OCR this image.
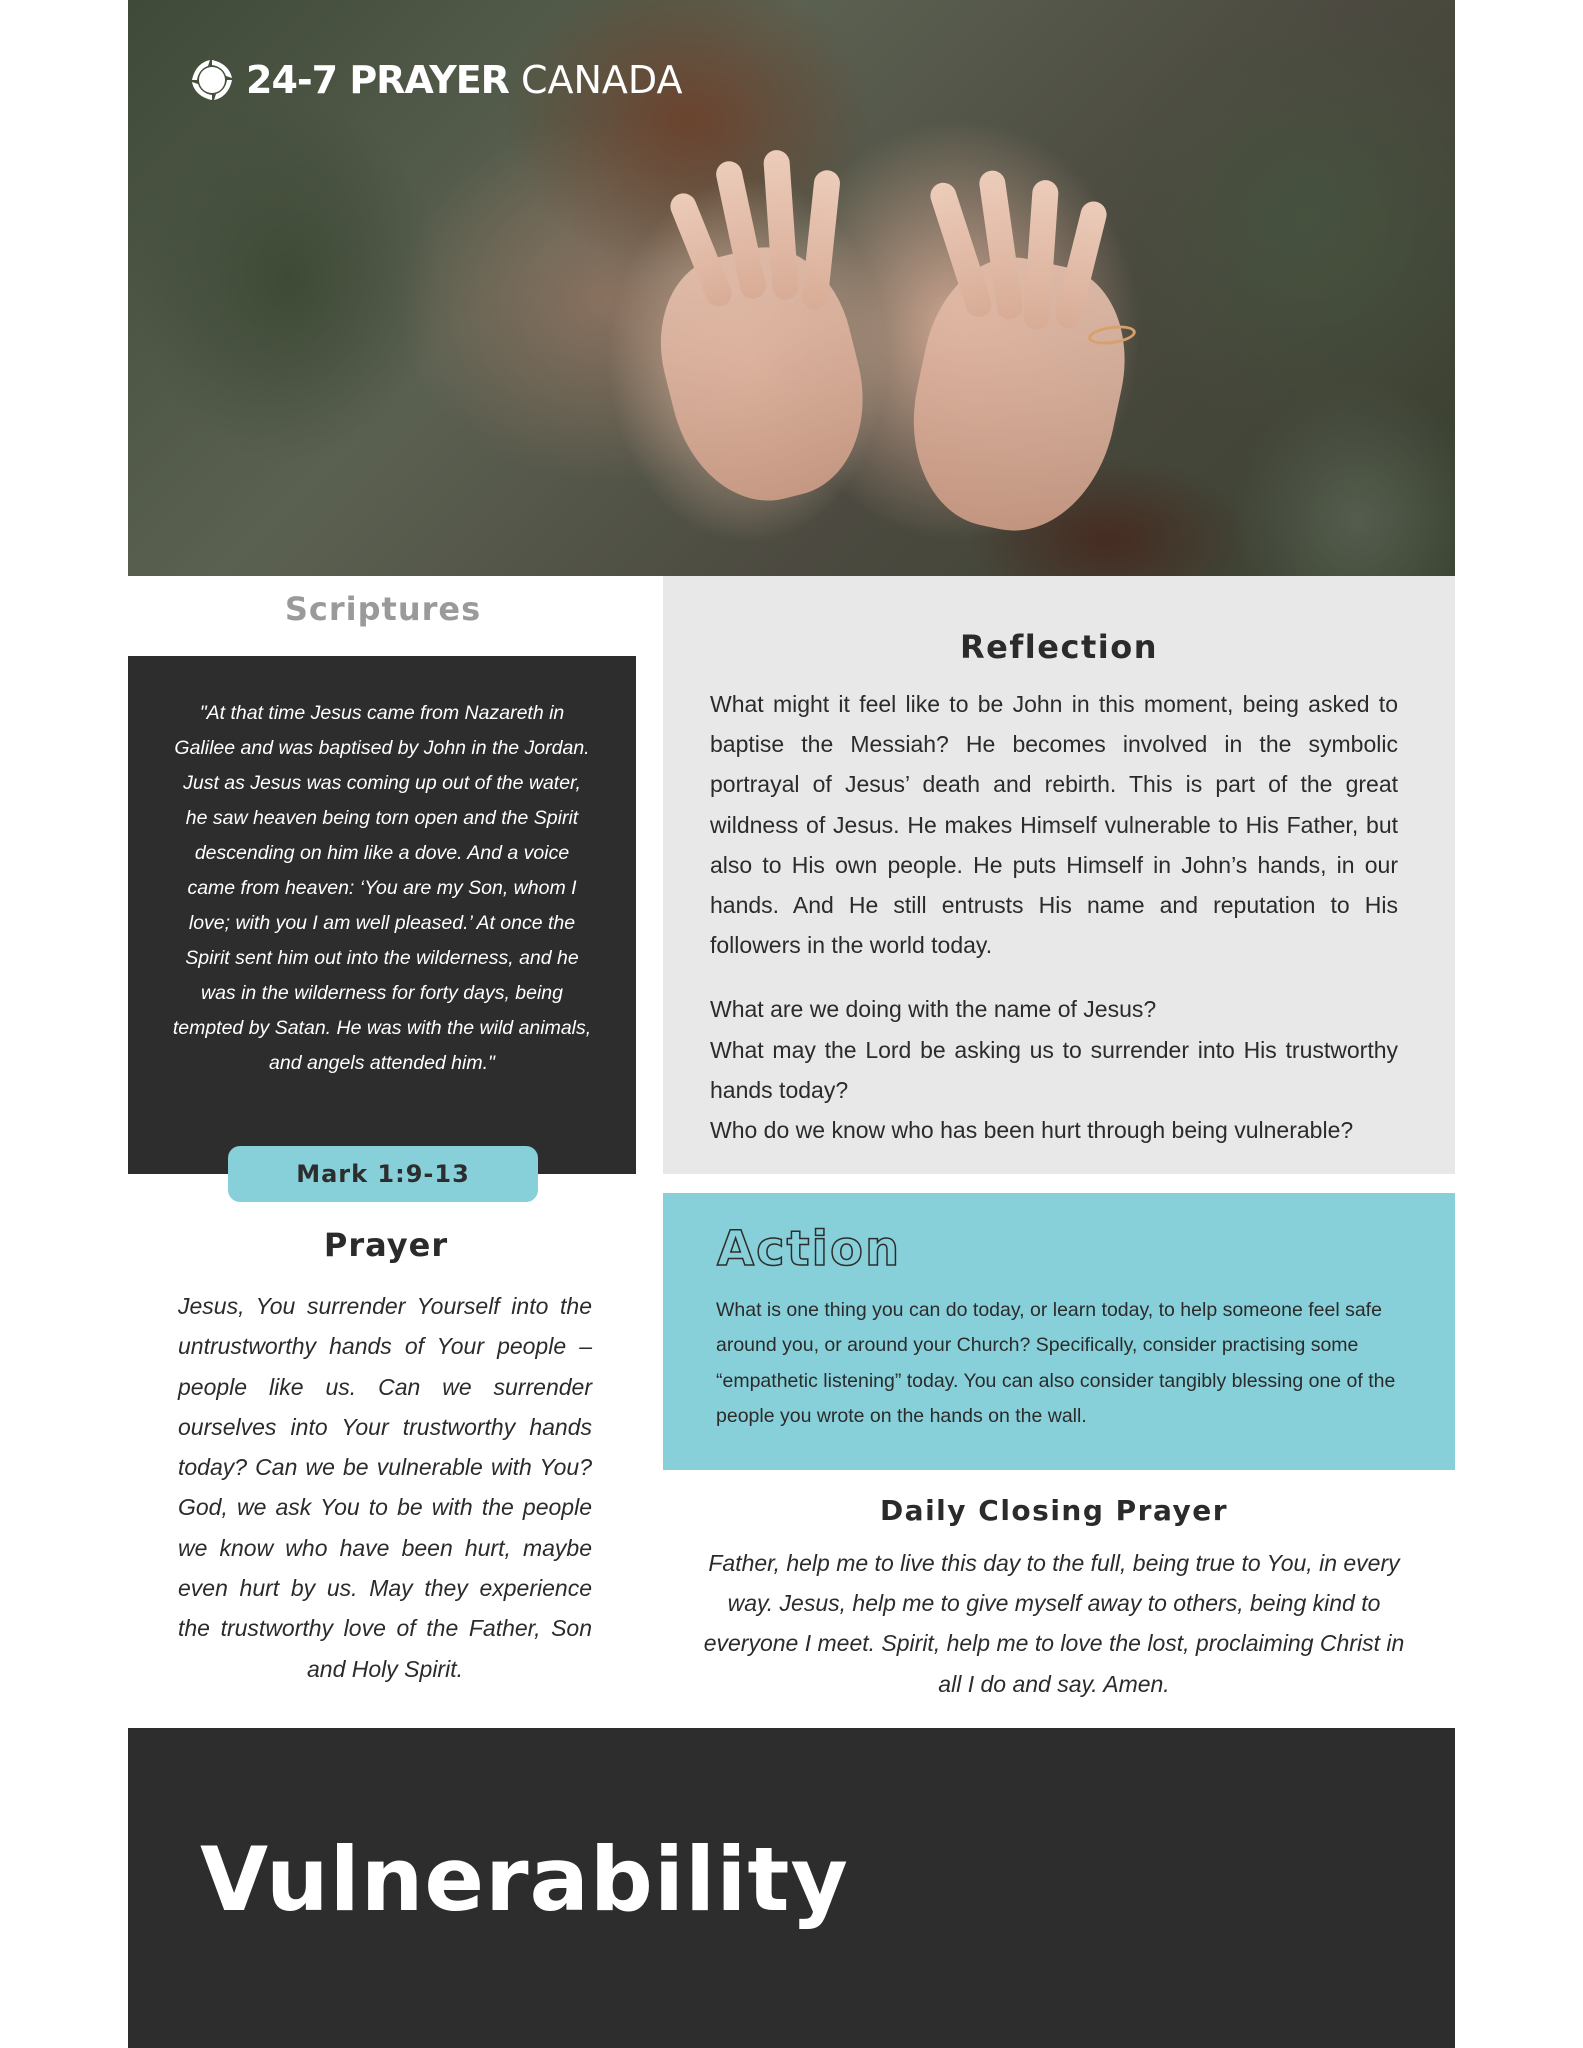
24-7 PRAYER CANADA
Scriptures
"At that time Jesus came from Nazareth in Galilee and was baptised by John in the Jordan. Just as Jesus was coming up out of the water, he saw heaven being torn open and the Spirit descending on him like a dove. And a voice came from heaven: ‘You are my Son, whom I love; with you I am well pleased.’ At once the Spirit sent him out into the wilderness, and he was in the wilderness for forty days, being tempted by Satan. He was with the wild animals, and angels attended him."
Mark 1:9-13
Prayer
Jesus, You surrender Yourself into the untrustworthy hands of Your people – people like us. Can we surrender ourselves into Your trustworthy hands today? Can we be vulnerable with You? God, we ask You to be with the people we know who have been hurt, maybe even hurt by us. May they experience the trustworthy love of the Father, Son and Holy Spirit.
Reflection

What might it feel like to be John in this moment, being asked to baptise the Messiah? He becomes involved in the symbolic portrayal of Jesus’ death and rebirth. This is part of the great wildness of Jesus. He makes Himself vulnerable to His Father, but also to His own people. He puts Himself in John’s hands, in our hands. And He still entrusts His name and reputation to His followers in the world today.

What are we doing with the name of Jesus?

What may the Lord be asking us to surrender into His trustworthy hands today?

Who do we know who has been hurt through being vulnerable?

Action
What is one thing you can do today, or learn today, to help someone feel safe around you, or around your Church? Specifically, consider practising some “empathetic listening” today. You can also consider tangibly blessing one of the people you wrote on the hands on the wall.
Daily Closing Prayer
Father, help me to live this day to the full, being true to You, in every way. Jesus, help me to give myself away to others, being kind to everyone I meet. Spirit, help me to love the lost, proclaiming Christ in all I do and say. Amen.
Vulnerability
